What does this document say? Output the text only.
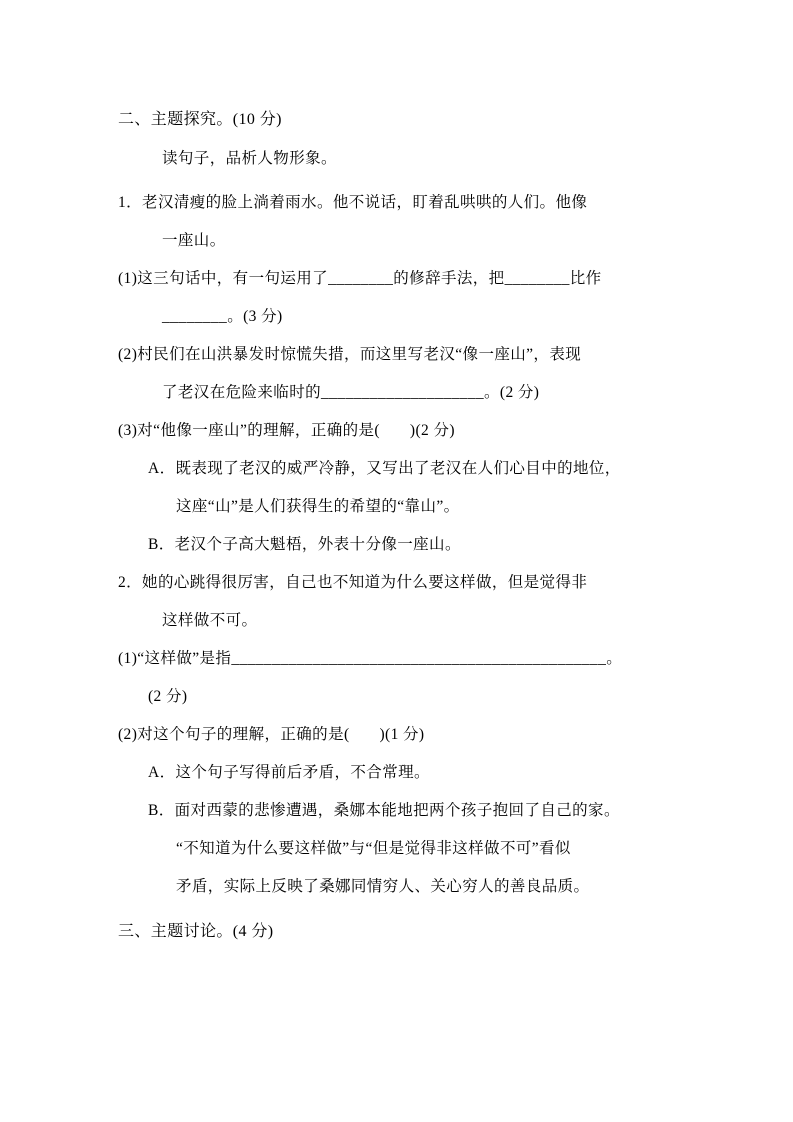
二、主题探究。(10 分)
读句子，品析人物形象。
1．老汉清瘦的脸上淌着雨水。他不说话，盯着乱哄哄的人们。他像
一座山。
(1)这三句话中，有一句运用了________的修辞手法，把________比作
________。(3 分)
(2)村民们在山洪暴发时惊慌失措，而这里写老汉“像一座山”，表现
了老汉在危险来临时的____________________。(2 分)
(3)对“他像一座山”的理解，正确的是(       )(2 分)
A．既表现了老汉的威严冷静，又写出了老汉在人们心目中的地位，
这座“山”是人们获得生的希望的“靠山”。
B．老汉个子高大魁梧，外表十分像一座山。
2．她的心跳得很厉害，自己也不知道为什么要这样做，但是觉得非
这样做不可。
(1)“这样做”是指______________________________________________。
(2 分)
(2)对这个句子的理解，正确的是(       )(1 分)
A．这个句子写得前后矛盾，不合常理。
B．面对西蒙的悲惨遭遇，桑娜本能地把两个孩子抱回了自己的家。
“不知道为什么要这样做”与“但是觉得非这样做不可”看似
矛盾，实际上反映了桑娜同情穷人、关心穷人的善良品质。
三、主题讨论。(4 分)
